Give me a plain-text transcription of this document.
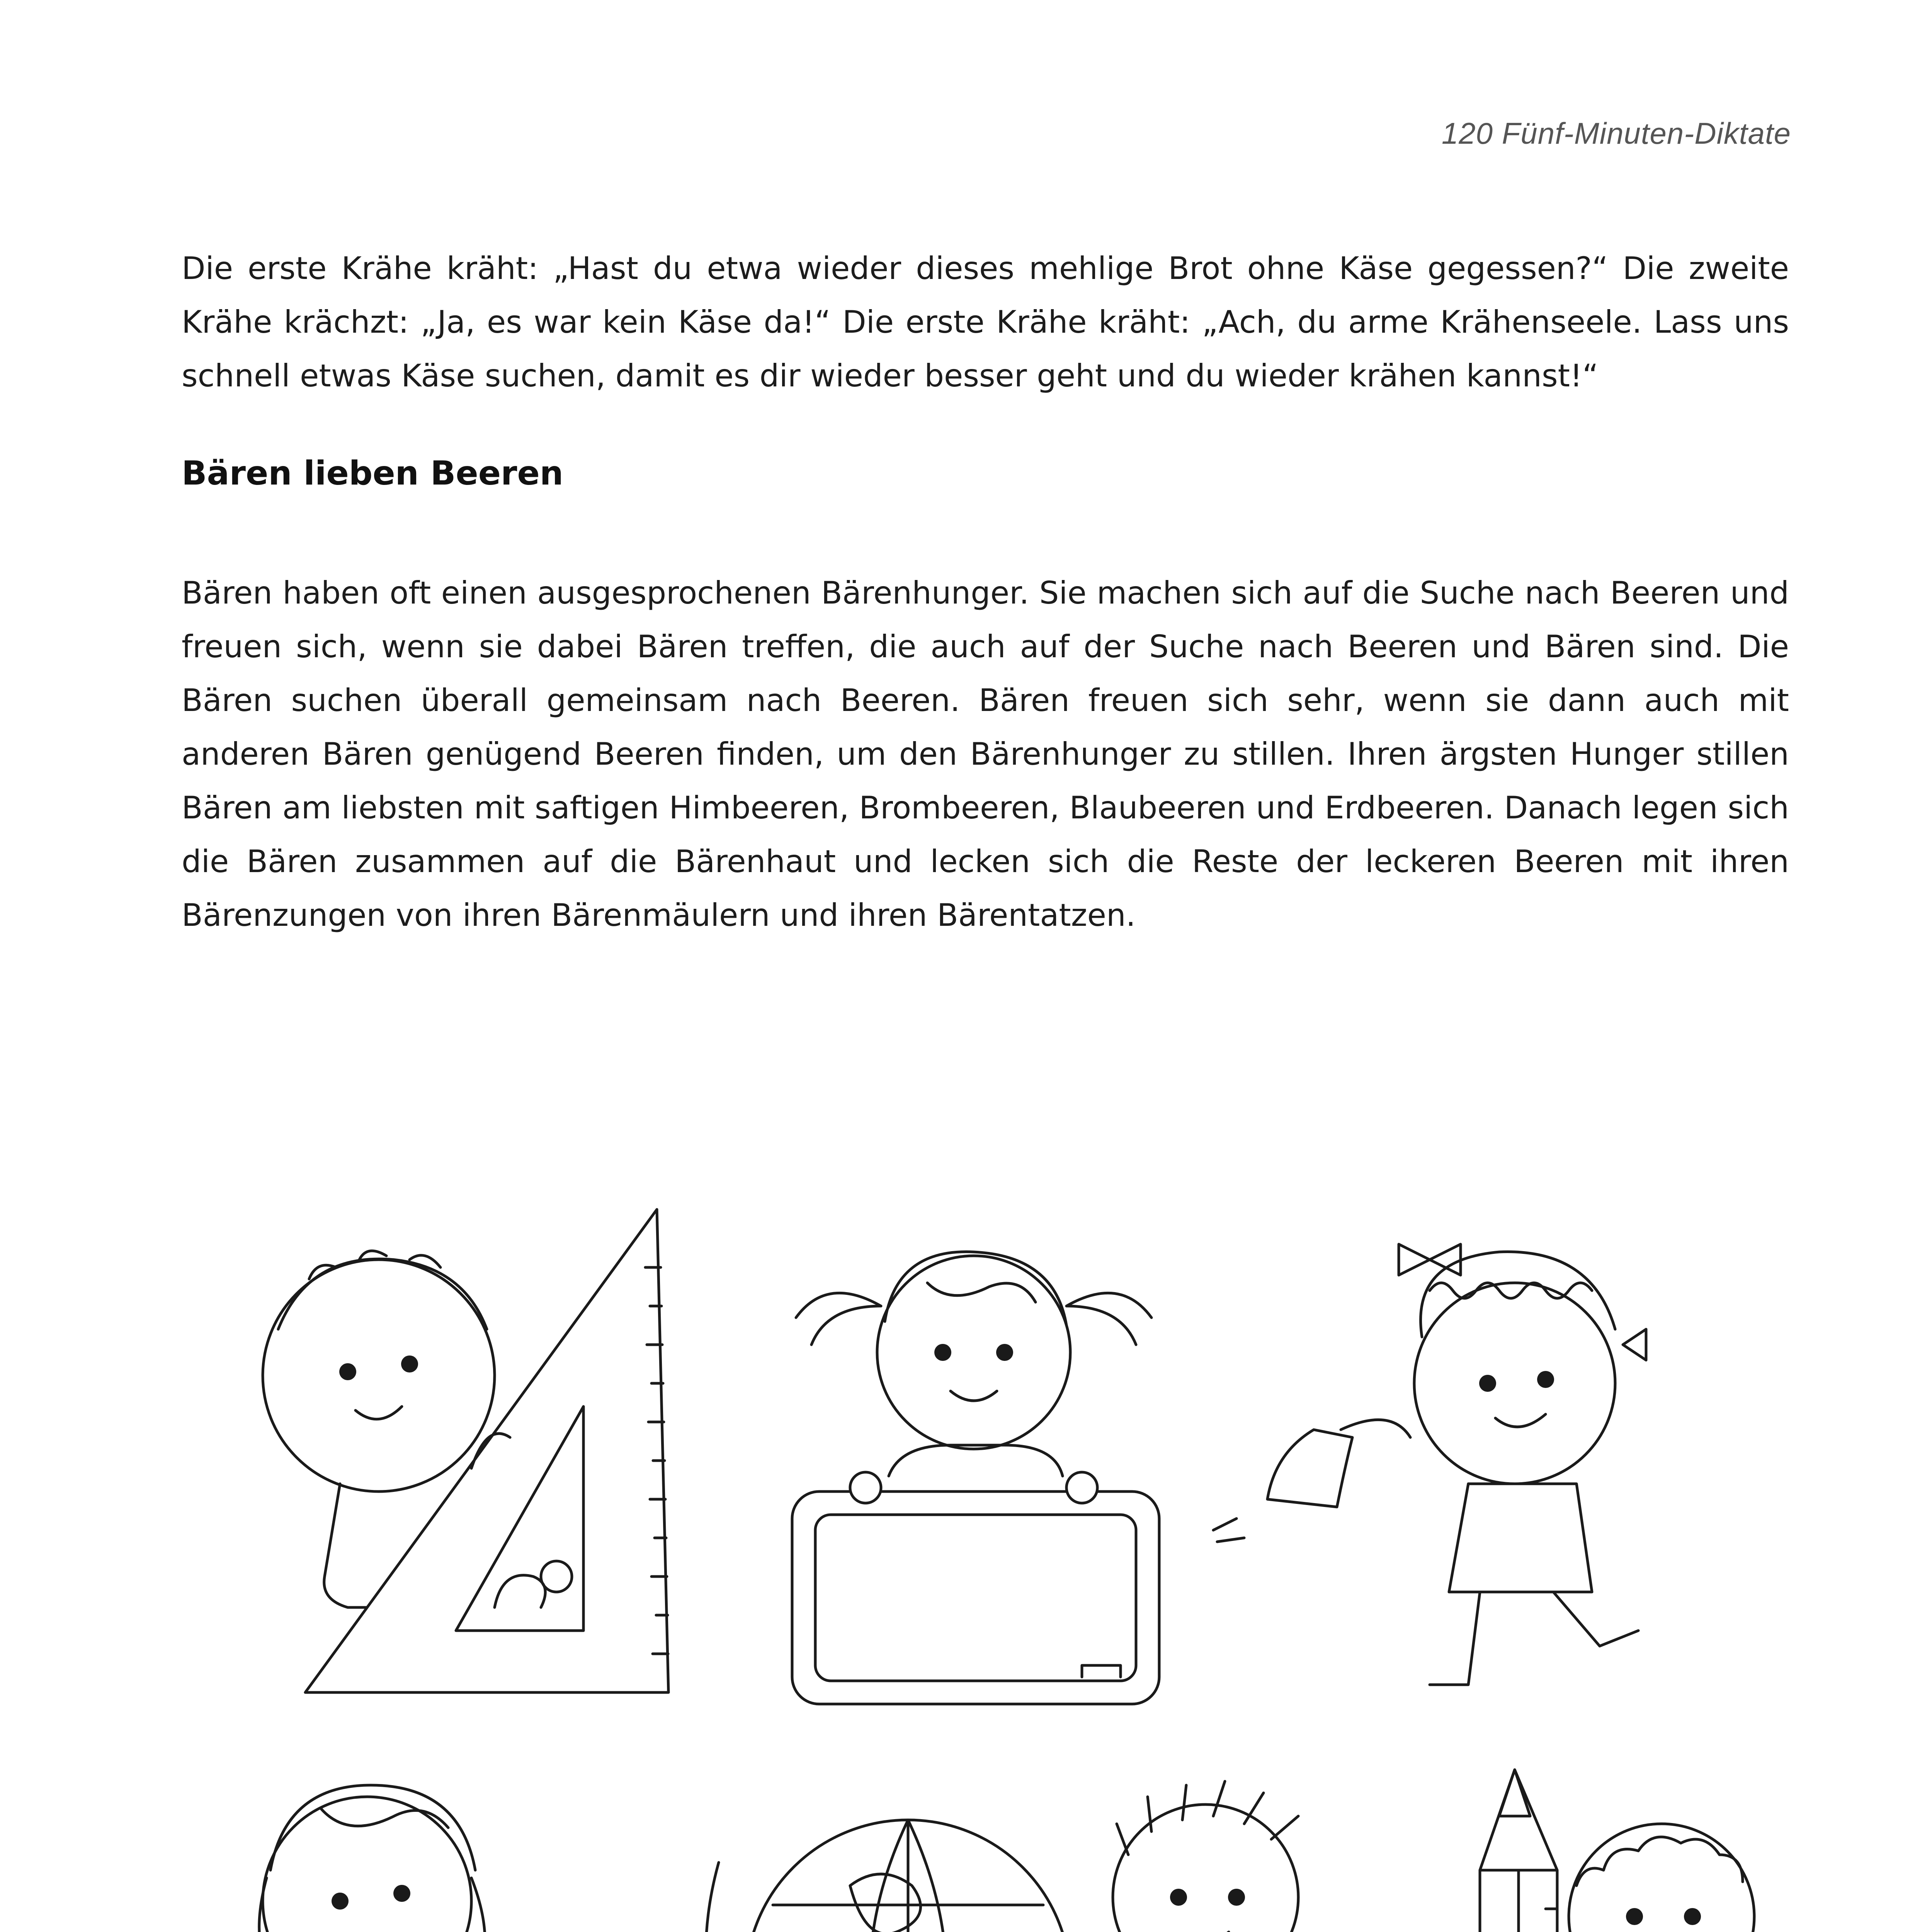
120 Fünf-Minuten-Diktate

Die erste Krähe kräht: „Hast du etwa wieder dieses mehlige Brot ohne Käse gegessen?“ Die zweite Krähe krächzt: „Ja, es war kein Käse da!“ Die erste Krähe kräht: „Ach, du arme Krähenseele. Lass uns schnell etwas Käse suchen, damit es dir wieder besser geht und du wieder krähen kannst!“

Bären lieben Beeren

Bären haben oft einen ausgesprochenen Bärenhunger. Sie machen sich auf die Suche nach Beeren und freuen sich, wenn sie dabei Bären treffen, die auch auf der Suche nach Beeren und Bären sind. Die Bären suchen überall gemeinsam nach Beeren. Bären freuen sich sehr, wenn sie dann auch mit anderen Bären genügend Beeren finden, um den Bärenhunger zu stillen. Ihren ärgsten Hunger stillen Bären am liebsten mit saftigen Himbeeren, Brombeeren, Blaubeeren und Erdbeeren. Danach legen sich die Bären zusammen auf die Bärenhaut und lecken sich die Reste der leckeren Beeren mit ihren Bärenzungen von ihren Bärenmäulern und ihren Bärentatzen.
